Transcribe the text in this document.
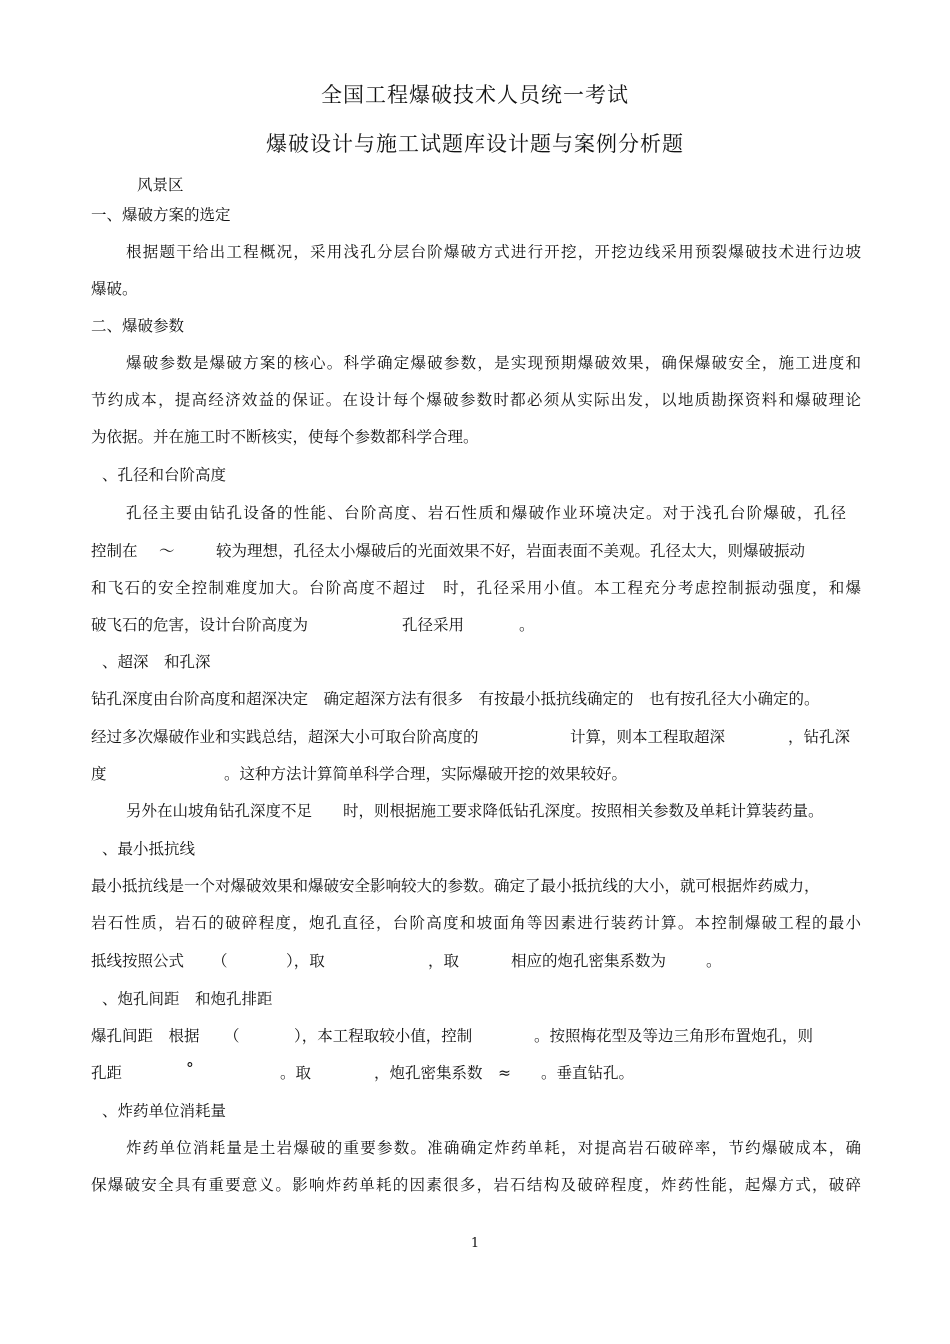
全国工程爆破技术人员统一考试
爆破设计与施工试题库设计题与案例分析题
风景区
一、爆破方案的选定
根据题干给出工程概况，采用浅孔分层台阶爆破方式进行开挖，开挖边线采用预裂爆破技术进行边坡
爆破。
二、爆破参数
爆破参数是爆破方案的核心。科学确定爆破参数，是实现预期爆破效果，确保爆破安全，施工进度和
节约成本，提高经济效益的保证。在设计每个爆破参数时都必须从实际出发，以地质勘探资料和爆破理论
为依据。并在施工时不断核实，使每个参数都科学合理。
、孔径和台阶高度
孔径主要由钻孔设备的性能、台阶高度、岩石性质和爆破作业环境决定。对于浅孔台阶爆破，孔径
控制在 ～	较为理想，孔径太小爆破后的光面效果不好，岩面表面不美观。孔径太大，则爆破振动
和飞石的安全控制难度加大。台阶高度不超过　时，孔径采用小值。本工程充分考虑控制振动强度，和爆
破飞石的危害，设计台阶高度为	孔径采用	。
、超深　和孔深
钻孔深度由台阶高度和超深决定　确定超深方法有很多　有按最小抵抗线确定的　也有按孔径大小确定的。
经过多次爆破作业和实践总结，超深大小可取台阶高度的	计算，则本工程取超深	，钻孔深
度	。这种方法计算简单科学合理，实际爆破开挖的效果较好。
另外在山坡角钻孔深度不足　　时，则根据施工要求降低钻孔深度。按照相关参数及单耗计算装药量。
、最小抵抗线
最小抵抗线是一个对爆破效果和爆破安全影响较大的参数。确定了最小抵抗线的大小，就可根据炸药威力，
岩石性质，岩石的破碎程度，炮孔直径，台阶高度和坡面角等因素进行装药计算。本控制爆破工程的最小
抵线按照公式 （	），取	，取	相应的炮孔密集系数为	。
、炮孔间距　和炮孔排距
爆孔间距　根据 （	），本工程取较小值，控制	。按照梅花型及等边三角形布置炮孔，则
孔距	°	。取	，炮孔密集系数　≈ 。垂直钻孔。
、炸药单位消耗量
炸药单位消耗量是土岩爆破的重要参数。准确确定炸药单耗，对提高岩石破碎率，节约爆破成本，确
保爆破安全具有重要意义。影响炸药单耗的因素很多，岩石结构及破碎程度，炸药性能，起爆方式，破碎
1
